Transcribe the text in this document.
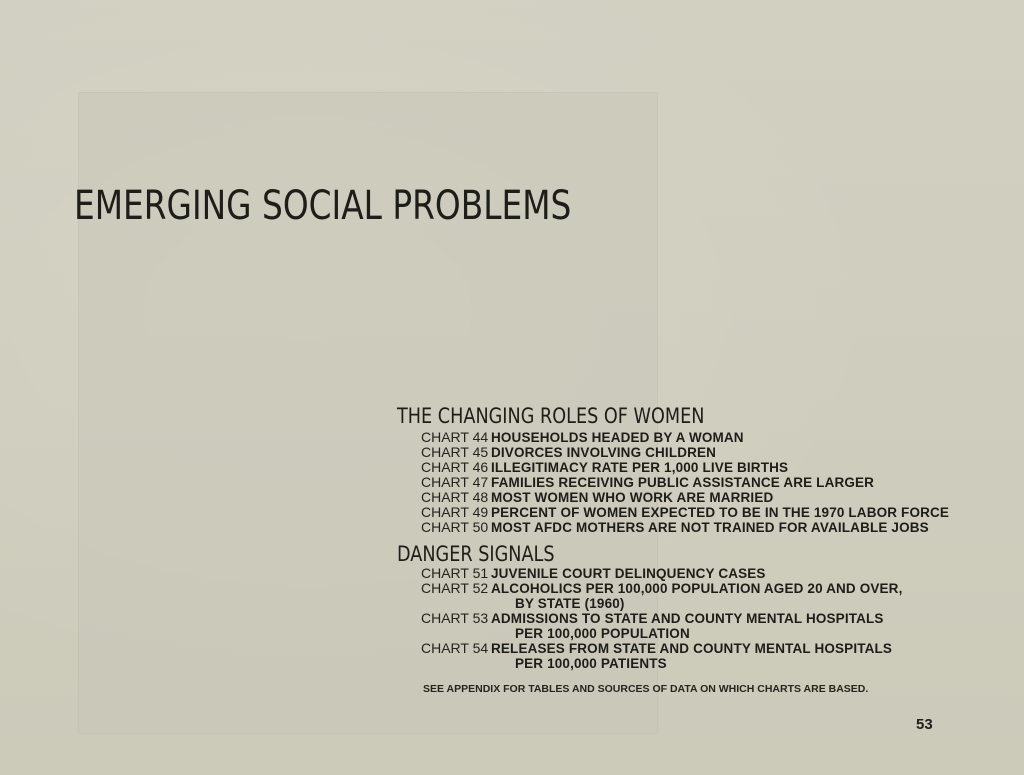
EMERGING SOCIAL PROBLEMS
THE CHANGING ROLES OF WOMEN
CHART 44 HOUSEHOLDS HEADED BY A WOMAN
CHART 45 DIVORCES INVOLVING CHILDREN
CHART 46 ILLEGITIMACY RATE PER 1,000 LIVE BIRTHS
CHART 47 FAMILIES RECEIVING PUBLIC ASSISTANCE ARE LARGER
CHART 48 MOST WOMEN WHO WORK ARE MARRIED
CHART 49 PERCENT OF WOMEN EXPECTED TO BE IN THE 1970 LABOR FORCE
CHART 50 MOST AFDC MOTHERS ARE NOT TRAINED FOR AVAILABLE JOBS
DANGER SIGNALS
CHART 51 JUVENILE COURT DELINQUENCY CASES
CHART 52 ALCOHOLICS PER 100,000 POPULATION AGED 20 AND OVER,
BY STATE (1960)
CHART 53 ADMISSIONS TO STATE AND COUNTY MENTAL HOSPITALS
PER 100,000 POPULATION
CHART 54 RELEASES FROM STATE AND COUNTY MENTAL HOSPITALS
PER 100,000 PATIENTS

SEE APPENDIX FOR TABLES AND SOURCES OF DATA ON WHICH CHARTS ARE BASED.

53
